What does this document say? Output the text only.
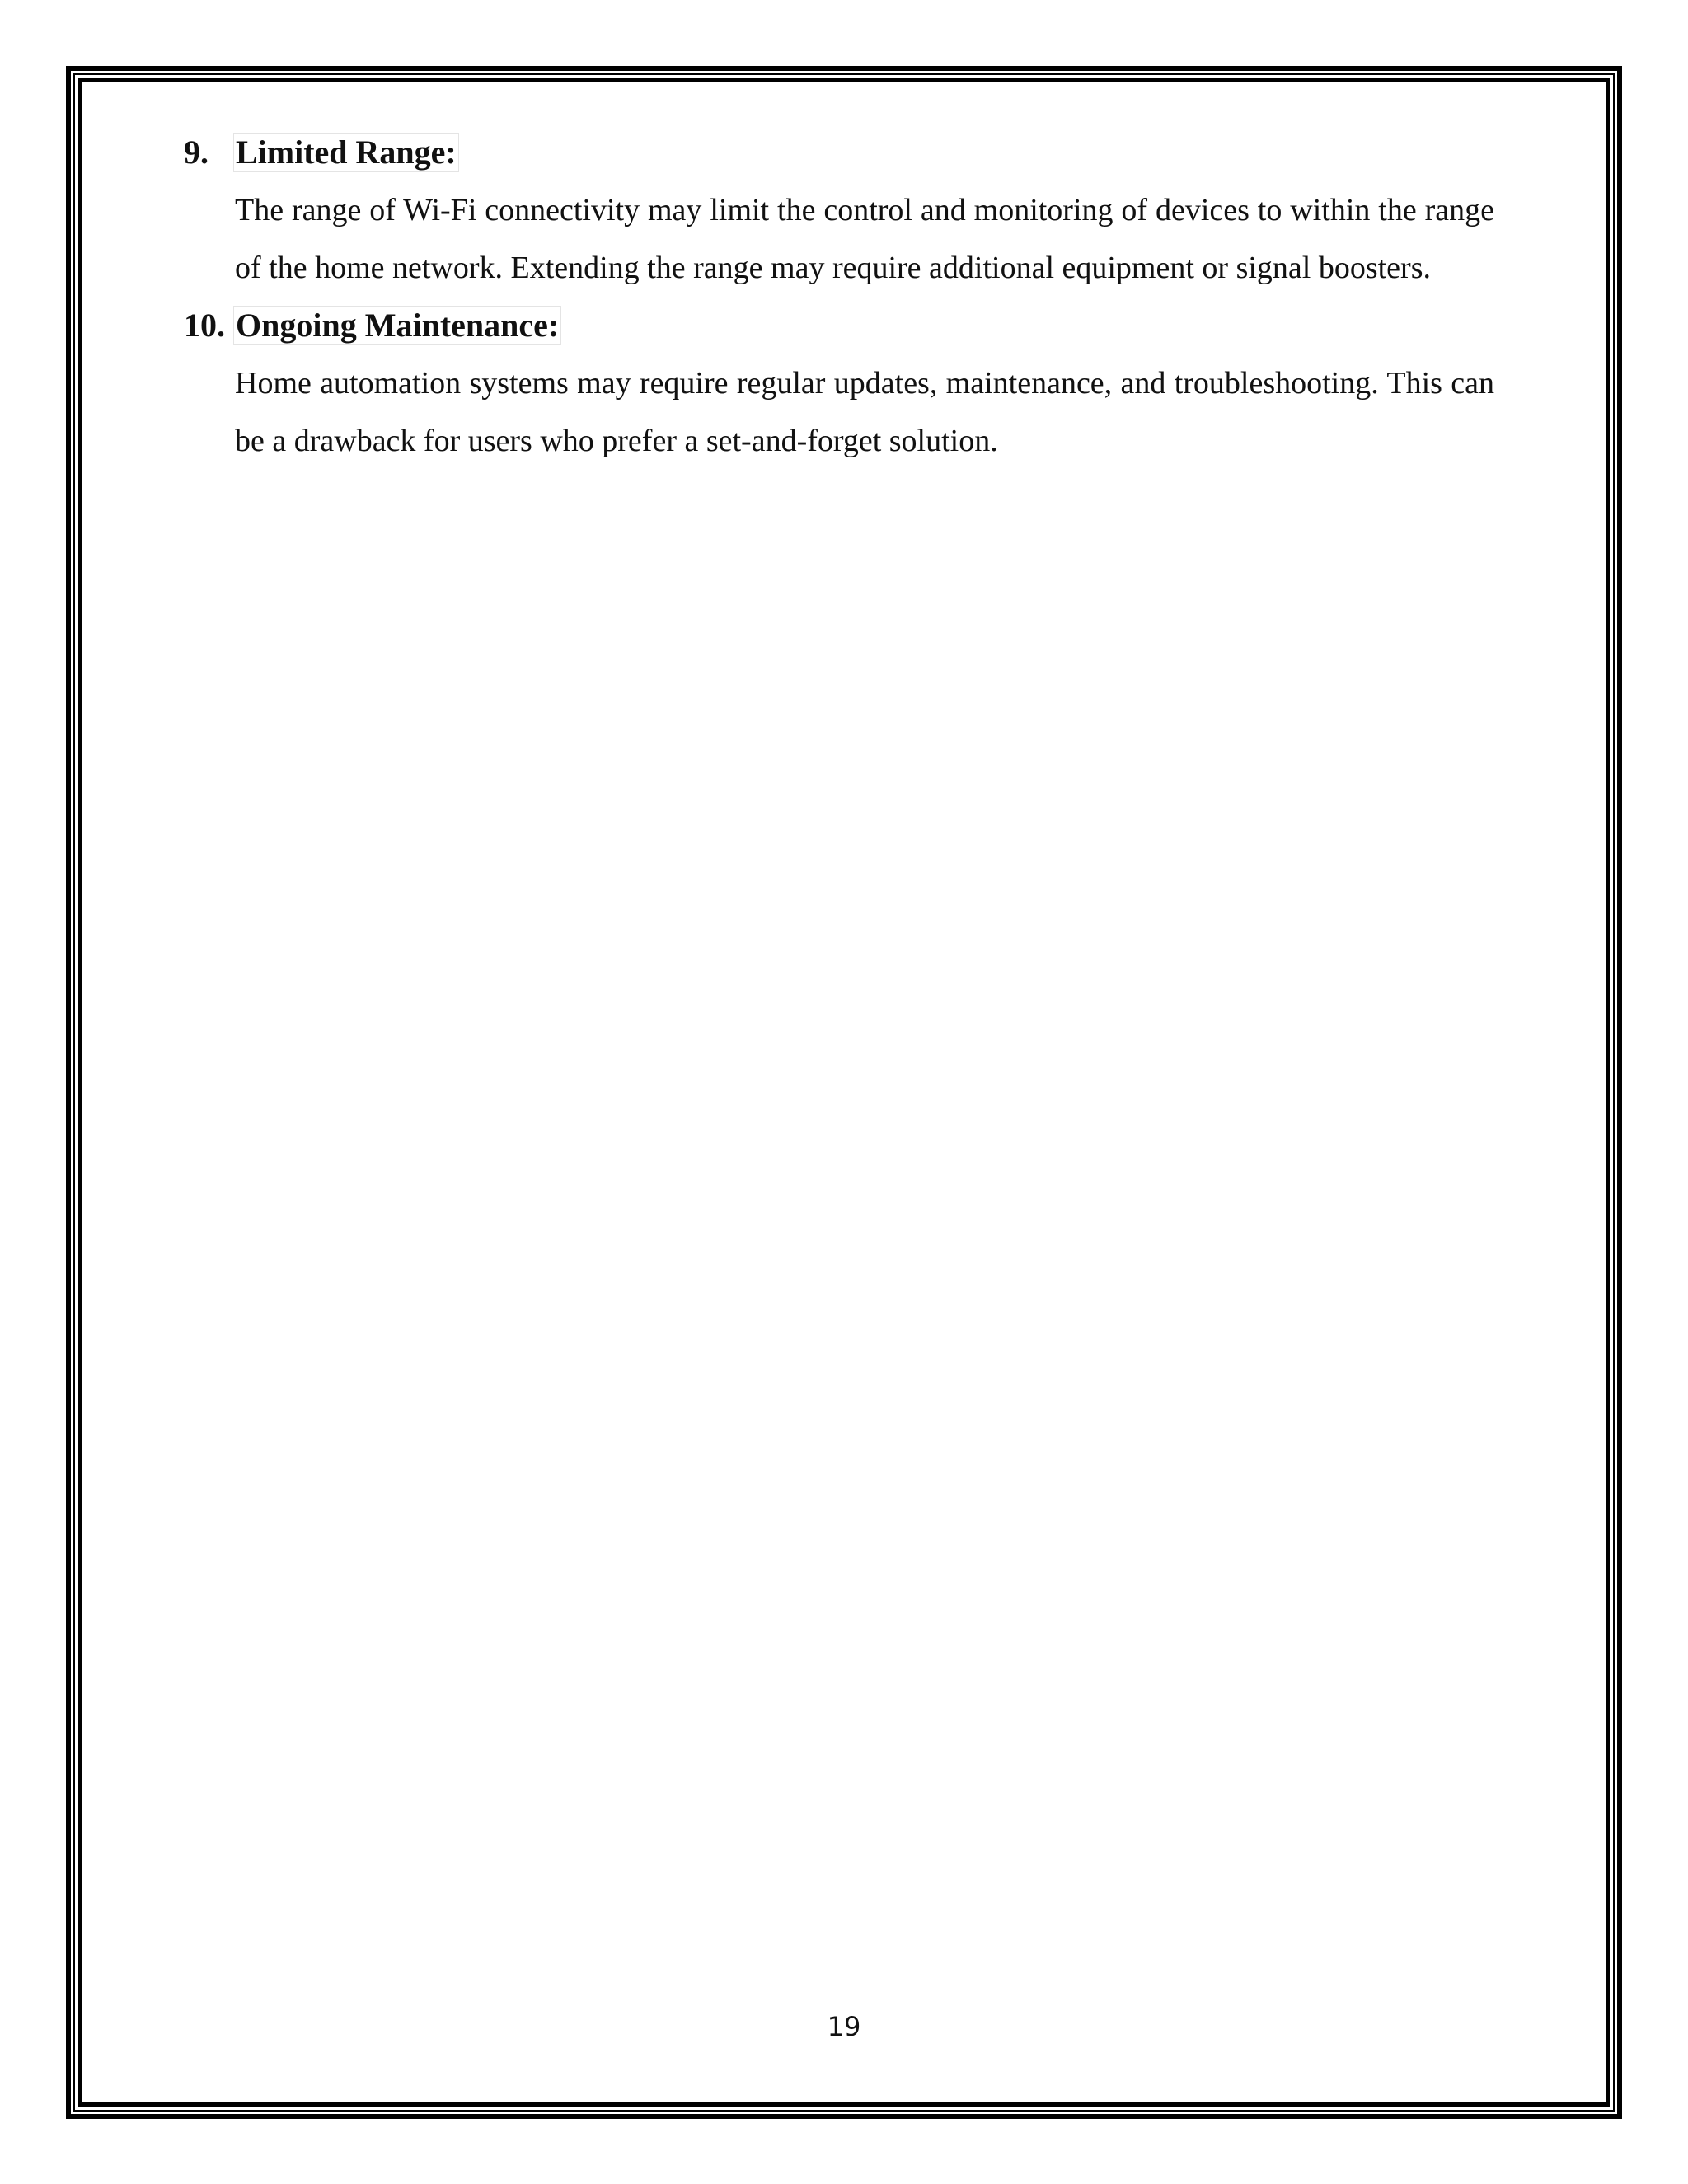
9. Limited Range:
The range of Wi-Fi connectivity may limit the control and monitoring of devices to within the range of the home network. Extending the range may require additional equipment or signal boosters.
10. Ongoing Maintenance:
Home automation systems may require regular updates, maintenance, and troubleshooting. This can be a drawback for users who prefer a set-and-forget solution.
19
